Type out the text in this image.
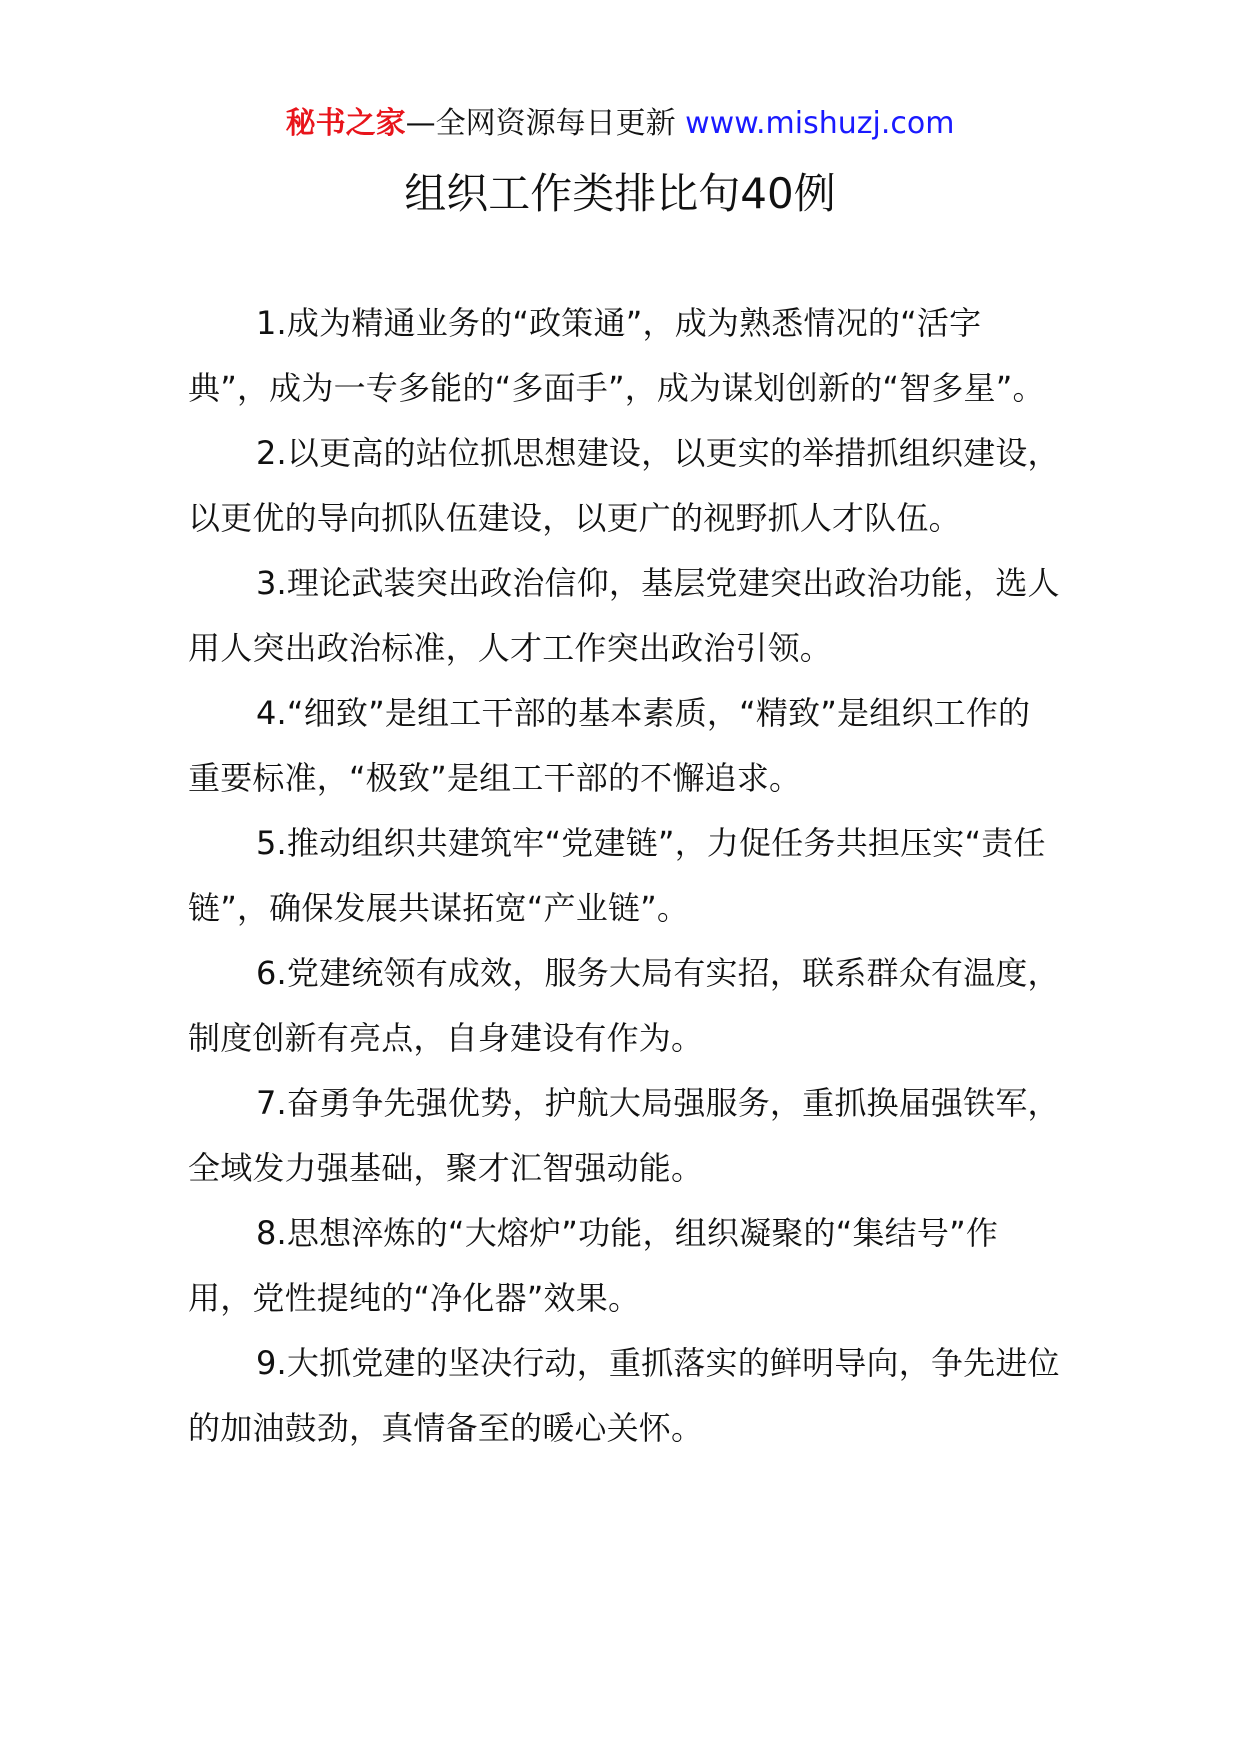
秘书之家—全网资源每日更新 www.mishuzj.com
组织工作类排比句40例

1.成为精通业务的“政策通”，成为熟悉情况的“活字典”，成为一专多能的“多面手”，成为谋划创新的“智多星”。

2.以更高的站位抓思想建设，以更实的举措抓组织建设，以更优的导向抓队伍建设，以更广的视野抓人才队伍。

3.理论武装突出政治信仰，基层党建突出政治功能，选人用人突出政治标准，人才工作突出政治引领。

4.“细致”是组工干部的基本素质，“精致”是组织工作的重要标准，“极致”是组工干部的不懈追求。

5.推动组织共建筑牢“党建链”，力促任务共担压实“责任链”，确保发展共谋拓宽“产业链”。

6.党建统领有成效，服务大局有实招，联系群众有温度，制度创新有亮点，自身建设有作为。

7.奋勇争先强优势，护航大局强服务，重抓换届强铁军，全域发力强基础，聚才汇智强动能。

8.思想淬炼的“大熔炉”功能，组织凝聚的“集结号”作用，党性提纯的“净化器”效果。

9.大抓党建的坚决行动，重抓落实的鲜明导向，争先进位的加油鼓劲，真情备至的暖心关怀。
